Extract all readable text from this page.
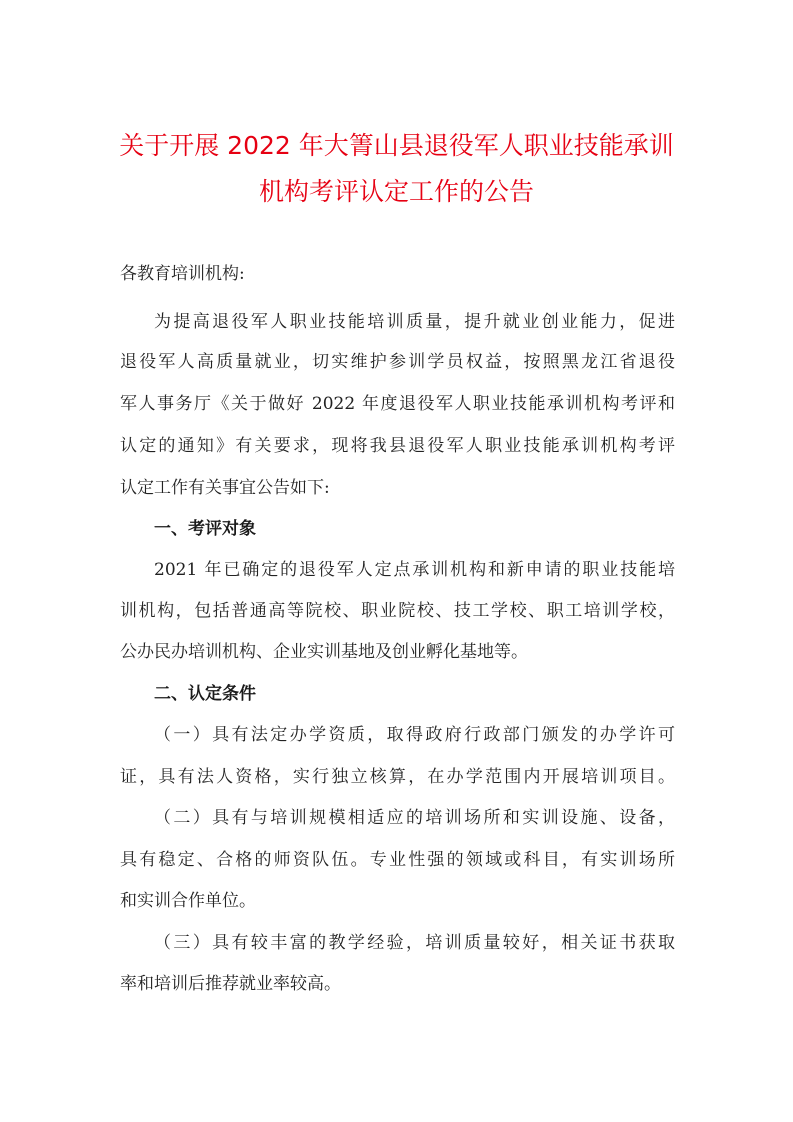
关于开展 2022 年大箐山县退役军人职业技能承训
机构考评认定工作的公告
各教育培训机构:
为提高退役军人职业技能培训质量，提升就业创业能力，促进
退役军人高质量就业，切实维护参训学员权益，按照黑龙江省退役
军人事务厅《关于做好 2022 年度退役军人职业技能承训机构考评和
认定的通知》有关要求，现将我县退役军人职业技能承训机构考评
认定工作有关事宜公告如下:
一、考评对象
2021 年已确定的退役军人定点承训机构和新申请的职业技能培
训机构，包括普通高等院校、职业院校、技工学校、职工培训学校，
公办民办培训机构、企业实训基地及创业孵化基地等。
二、认定条件
（一）具有法定办学资质，取得政府行政部门颁发的办学许可
证，具有法人资格，实行独立核算，在办学范围内开展培训项目。
（二）具有与培训规模相适应的培训场所和实训设施、设备，
具有稳定、合格的师资队伍。专业性强的领域或科目，有实训场所
和实训合作单位。
（三）具有较丰富的教学经验，培训质量较好，相关证书获取
率和培训后推荐就业率较高。
